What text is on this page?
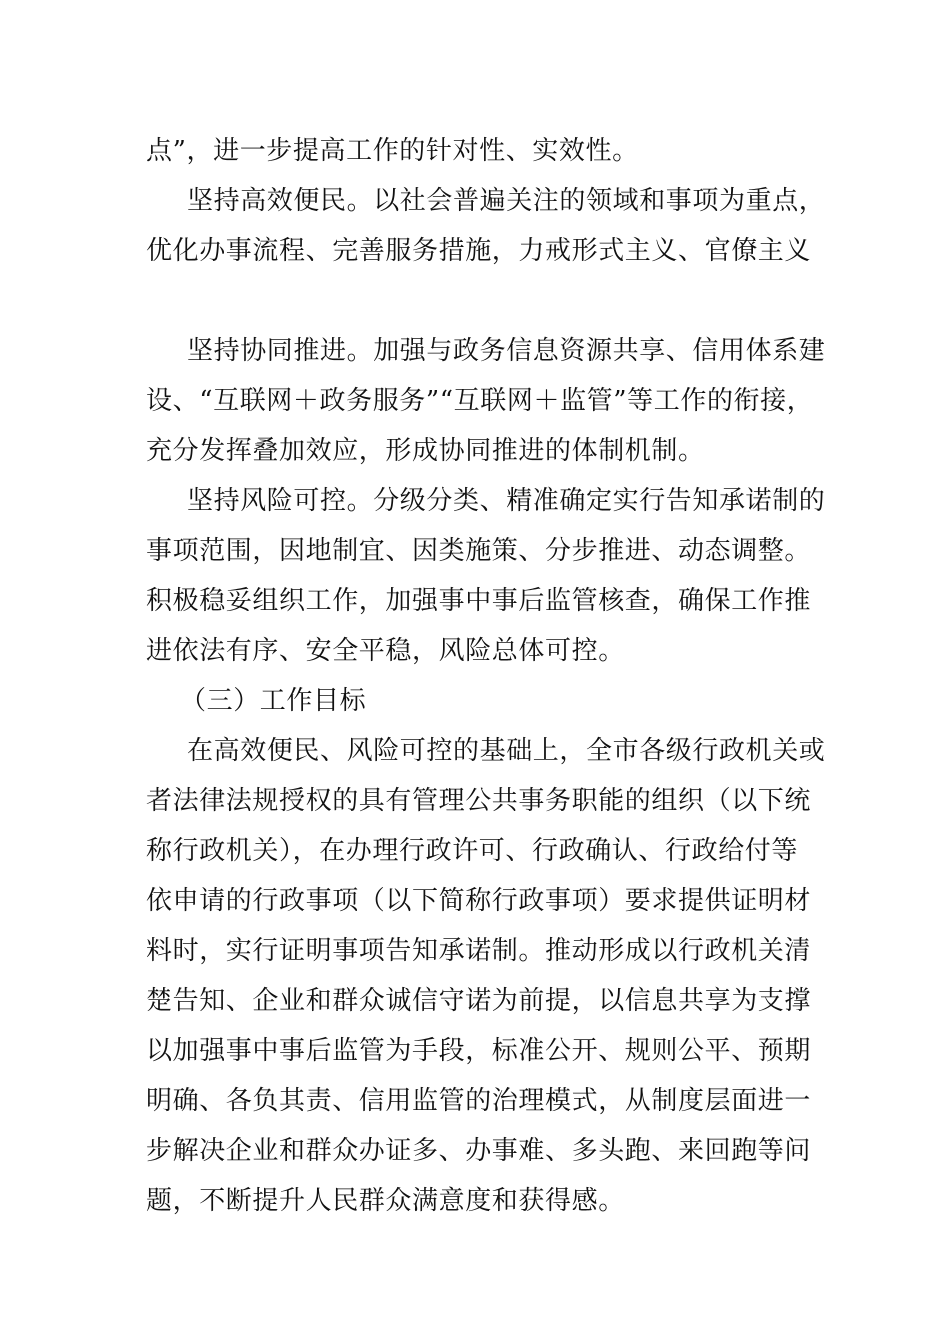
点”，进一步提高工作的针对性、实效性。
坚持高效便民。以社会普遍关注的领域和事项为重点，
优化办事流程、完善服务措施，力戒形式主义、官僚主义
坚持协同推进。加强与政务信息资源共享、信用体系建
设、“互联网＋政务服务”“互联网＋监管”等工作的衔接，
充分发挥叠加效应，形成协同推进的体制机制。
坚持风险可控。分级分类、精准确定实行告知承诺制的
事项范围，因地制宜、因类施策、分步推进、动态调整。
积极稳妥组织工作，加强事中事后监管核查，确保工作推
进依法有序、安全平稳，风险总体可控。
（三）工作目标
在高效便民、风险可控的基础上，全市各级行政机关或
者法律法规授权的具有管理公共事务职能的组织（以下统
称行政机关），在办理行政许可、行政确认、行政给付等
依申请的行政事项（以下简称行政事项）要求提供证明材
料时，实行证明事项告知承诺制。推动形成以行政机关清
楚告知、企业和群众诚信守诺为前提，以信息共享为支撑
以加强事中事后监管为手段，标准公开、规则公平、预期
明确、各负其责、信用监管的治理模式，从制度层面进一
步解决企业和群众办证多、办事难、多头跑、来回跑等问
题，不断提升人民群众满意度和获得感。
